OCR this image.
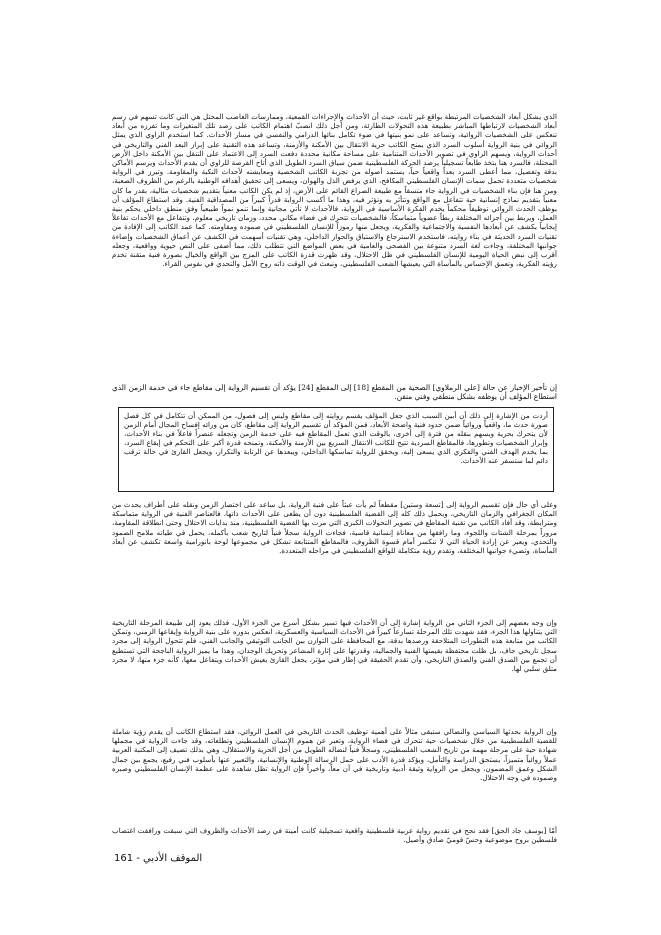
الذي يشكل أبعاد الشخصيات المرتبطة بواقع غير ثابت، حيث أن الأحداث والإجراءات القمعية، وممارسات الغاصب المحتل هي التي كانت تسهم في رسم أبعاد الشخصيات لارتباطها المباشر بطبيعة هذه التحولات الطارئة، ومن أجل ذلك انصبّ اهتمام الكاتب على رصد تلك المتغيرات وما تفرزه من أبعاد تنعكس على الشخصيات الروائية، وتساعد على نمو بنيتها في ضوء تكامل بنائها الدرامي والنفسي في مسار الأحداث. كما استخدم الراوي الذي يمثل الروائي في بنية الرواية أسلوب السرد الذي يمنح الكاتب حرية الانتقال بين الأمكنة والأزمنة، وتساعد هذه التقنية على إبراز البعد الفني والتاريخي في أحداث الرواية، ويسهم الراوي في تصوير الأحداث المتنامية على مساحة مكانية محددة دفعت السرد إلى الاعتماد على التنقل بين الأمكنة داخل الأرض المحتلة، فالسرد هنا يتخذ طابعاً تسجيلياً يرصد الحركة الفلسطينية ضمن سياق السرد الطويل الذي أتاح الفرصة للراوي أن يقدم الأحداث ويرسم الأماكن بدقة وتفصيل، مما أعطى السرد بعداً واقعياً حياً، يستمد أصوله من تجربة الكاتب الشخصية ومعايشته لأحداث النكبة والمقاومة. وتبرز في الرواية شخصيات متعددة تحمل سمات الإنسان الفلسطيني المكافح، الذي يرفض الذل والهوان، ويسعى إلى تحقيق أهدافه الوطنية بالرغم من الظروف الصعبة، ومن هنا فإن بناء الشخصيات في الرواية جاء متسقاً مع طبيعة الصراع القائم على الأرض، إذ لم يكن الكاتب معنياً بتقديم شخصيات مثالية، بقدر ما كان معنياً بتقديم نماذج إنسانية حية تتفاعل مع الواقع وتتأثر به وتؤثر فيه، وهذا ما أكسب الرواية قدراً كبيراً من المصداقية الفنية. وقد استطاع المؤلف أن يوظف الحدث الروائي توظيفاً محكماً يخدم الفكرة الأساسية في الرواية، فالأحداث لا تأتي مجانية وإنما تنمو نمواً طبيعياً وفق منطق داخلي يحكم بنية العمل، ويربط بين أجزائه المختلفة ربطاً عضوياً متماسكاً، فالشخصيات تتحرك في فضاء مكاني محدد، وزمان تاريخي معلوم، وتتفاعل مع الأحداث تفاعلاً إيجابياً يكشف عن أبعادها النفسية والاجتماعية والفكرية، ويجعل منها رموزاً للإنسان الفلسطيني في صموده ومقاومته. كما عمد الكاتب إلى الإفادة من تقنيات السرد الحديثة في بناء روايته، فاستخدم الاسترجاع والاستباق والحوار الداخلي، وهي تقنيات أسهمت في الكشف عن أعماق الشخصيات وإضاءة جوانبها المختلفة، وجاءت لغة السرد متنوعة بين الفصحى والعامية في بعض المواضع التي تتطلب ذلك، مما أضفى على النص حيوية وواقعية، وجعله أقرب إلى نبض الحياة اليومية للإنسان الفلسطيني في ظل الاحتلال، وقد ظهرت قدرة الكاتب على المزج بين الواقع والخيال بصورة فنية متقنة تخدم رؤيته الفكرية، وتعمق الإحساس بالمأساة التي يعيشها الشعب الفلسطيني، وتبعث في الوقت ذاته روح الأمل والتحدي في نفوس القراء.

إن تأخير الإخبار عن حالة [علي الرملاوي] الصحية من المقطع [18] إلى المقطع [24] يؤكد أن تقسيم الرواية إلى مقاطع جاء في خدمة الزمن الذي استطاع المؤلف أن يوظفه بشكل منطقي وفني متقن.

أردت من الإشارة إلى ذلك أن أبين السبب الذي جعل المؤلف يقسم روايته إلى مقاطع وليس إلى فصول، من الممكن أن تتكامل في كل فصل صورة حدث ما، واقعياً وروائياً ضمن حدود فنية واضحة الأبعاد، فمن المؤكد أن تقسيم الرواية إلى مقاطع، كان من ورائه إفساح المجال أمام الزمن لأن يتحرك بحرية ويسهم بنقله من فترة إلى أخرى، بالوقت الذي تعمل المقاطع فيه على خدمة الزمن وتجعله عنصراً فاعلاً في بناء الأحداث، وإبراز الشخصيات وتطورها، فالمقاطع السردية تتيح للكاتب الانتقال السريع بين الأزمنة والأمكنة، وتمنحه قدرة أكبر على التحكم في إيقاع السرد، بما يخدم الهدف الفني والفكري الذي يسعى إليه، ويحقق للرواية تماسكها الداخلي، ويبعدها عن الرتابة والتكرار، ويجعل القارئ في حالة ترقب دائم لما ستسفر عنه الأحداث.

وعلى أي حال فإن تقسيم الرواية إلى [تسعة وستين] مقطعاً لم يأت عبثاً على فنية الرواية، بل ساعد على اختصار الزمن ونقله على أطراف يحدث من المكان الجغرافي والزمان التاريخي، ويحمل ذلك كله إلى القضية الفلسطينية دون أن يطغى على الأحداث ذاتها، فالعناصر الفنية في الرواية متماسكة ومترابطة، وقد أفاد الكاتب من تقنية المقاطع في تصوير التحولات الكبرى التي مرت بها القضية الفلسطينية، منذ بدايات الاحتلال وحتى انطلاقة المقاومة، مروراً بمرحلة الشتات واللجوء، وما رافقها من معاناة إنسانية قاسية، فجاءت الرواية سجلاً فنياً لتاريخ شعب بأكمله، يحمل في طياته ملامح الصمود والتحدي، ويعبر عن إرادة الحياة التي لا تنكسر أمام قسوة الظروف، فالمقاطع المتتابعة تشكل في مجموعها لوحة بانورامية واسعة تكشف عن أبعاد المأساة، وتضيء جوانبها المختلفة، وتقدم رؤية متكاملة للواقع الفلسطيني في مراحله المتعددة.

وإن وجه بعضهم إلى الجزء الثاني من الرواية إشارة إلى أن الأحداث فيها تسير بشكل أسرع من الجزء الأول، فذلك يعود إلى طبيعة المرحلة التاريخية التي يتناولها هذا الجزء، فقد شهدت تلك المرحلة تسارعاً كبيراً في الأحداث السياسية والعسكرية، انعكس بدوره على بنية الرواية وإيقاعها الزمني، وتمكن الكاتب من متابعة هذه التطورات المتلاحقة ورصدها بدقة، مع المحافظة على التوازن بين الجانب التوثيقي والجانب الفني، فلم تتحول الرواية إلى مجرد سجل تاريخي جاف، بل ظلت محتفظة بقيمتها الفنية والجمالية، وقدرتها على إثارة المشاعر وتحريك الوجدان، وهذا ما يميز الرواية الناجحة التي تستطيع أن تجمع بين الصدق الفني والصدق التاريخي، وأن تقدم الحقيقة في إطار فني مؤثر، يجعل القارئ يعيش الأحداث ويتفاعل معها، كأنه جزء منها، لا مجرد متلق سلبي لها.

وإن الرواية بحدثها السياسي والنضالي ستبقى مثالاً على أهمية توظيف الحدث التاريخي في العمل الروائي، فقد استطاع الكاتب أن يقدم رؤية شاملة للقضية الفلسطينية من خلال شخصيات حية تتحرك في فضاء الرواية، وتعبر عن هموم الإنسان الفلسطيني وتطلعاته، وقد جاءت الرواية في مجملها شهادة حية على مرحلة مهمة من تاريخ الشعب الفلسطيني، وسجلاً فنياً لنضاله الطويل من أجل الحرية والاستقلال، وهي بذلك تضيف إلى المكتبة العربية عملاً روائياً متميزاً، يستحق الدراسة والتأمل، ويؤكد قدرة الأدب على حمل الرسالة الوطنية والإنسانية، والتعبير عنها بأسلوب فني رفيع، يجمع بين جمال الشكل وعمق المضمون، ويجعل من الرواية وثيقة أدبية وتاريخية في آن معاً، وأخيراً فإن الرواية تظل شاهدة على عظمة الإنسان الفلسطيني وصبره وصموده في وجه الاحتلال.

أمّا [يوسف جاد الحق] فقد نجح في تقديم رواية عربية فلسطينية واقعية تسجيلية كانت أمينة في رصد الأحداث والظروف التي سبقت ورافقت اغتصاب فلسطين بروح موضوعية وحسّ قوميّ صادق وأصيل.

الموقف الأدبي - 161
